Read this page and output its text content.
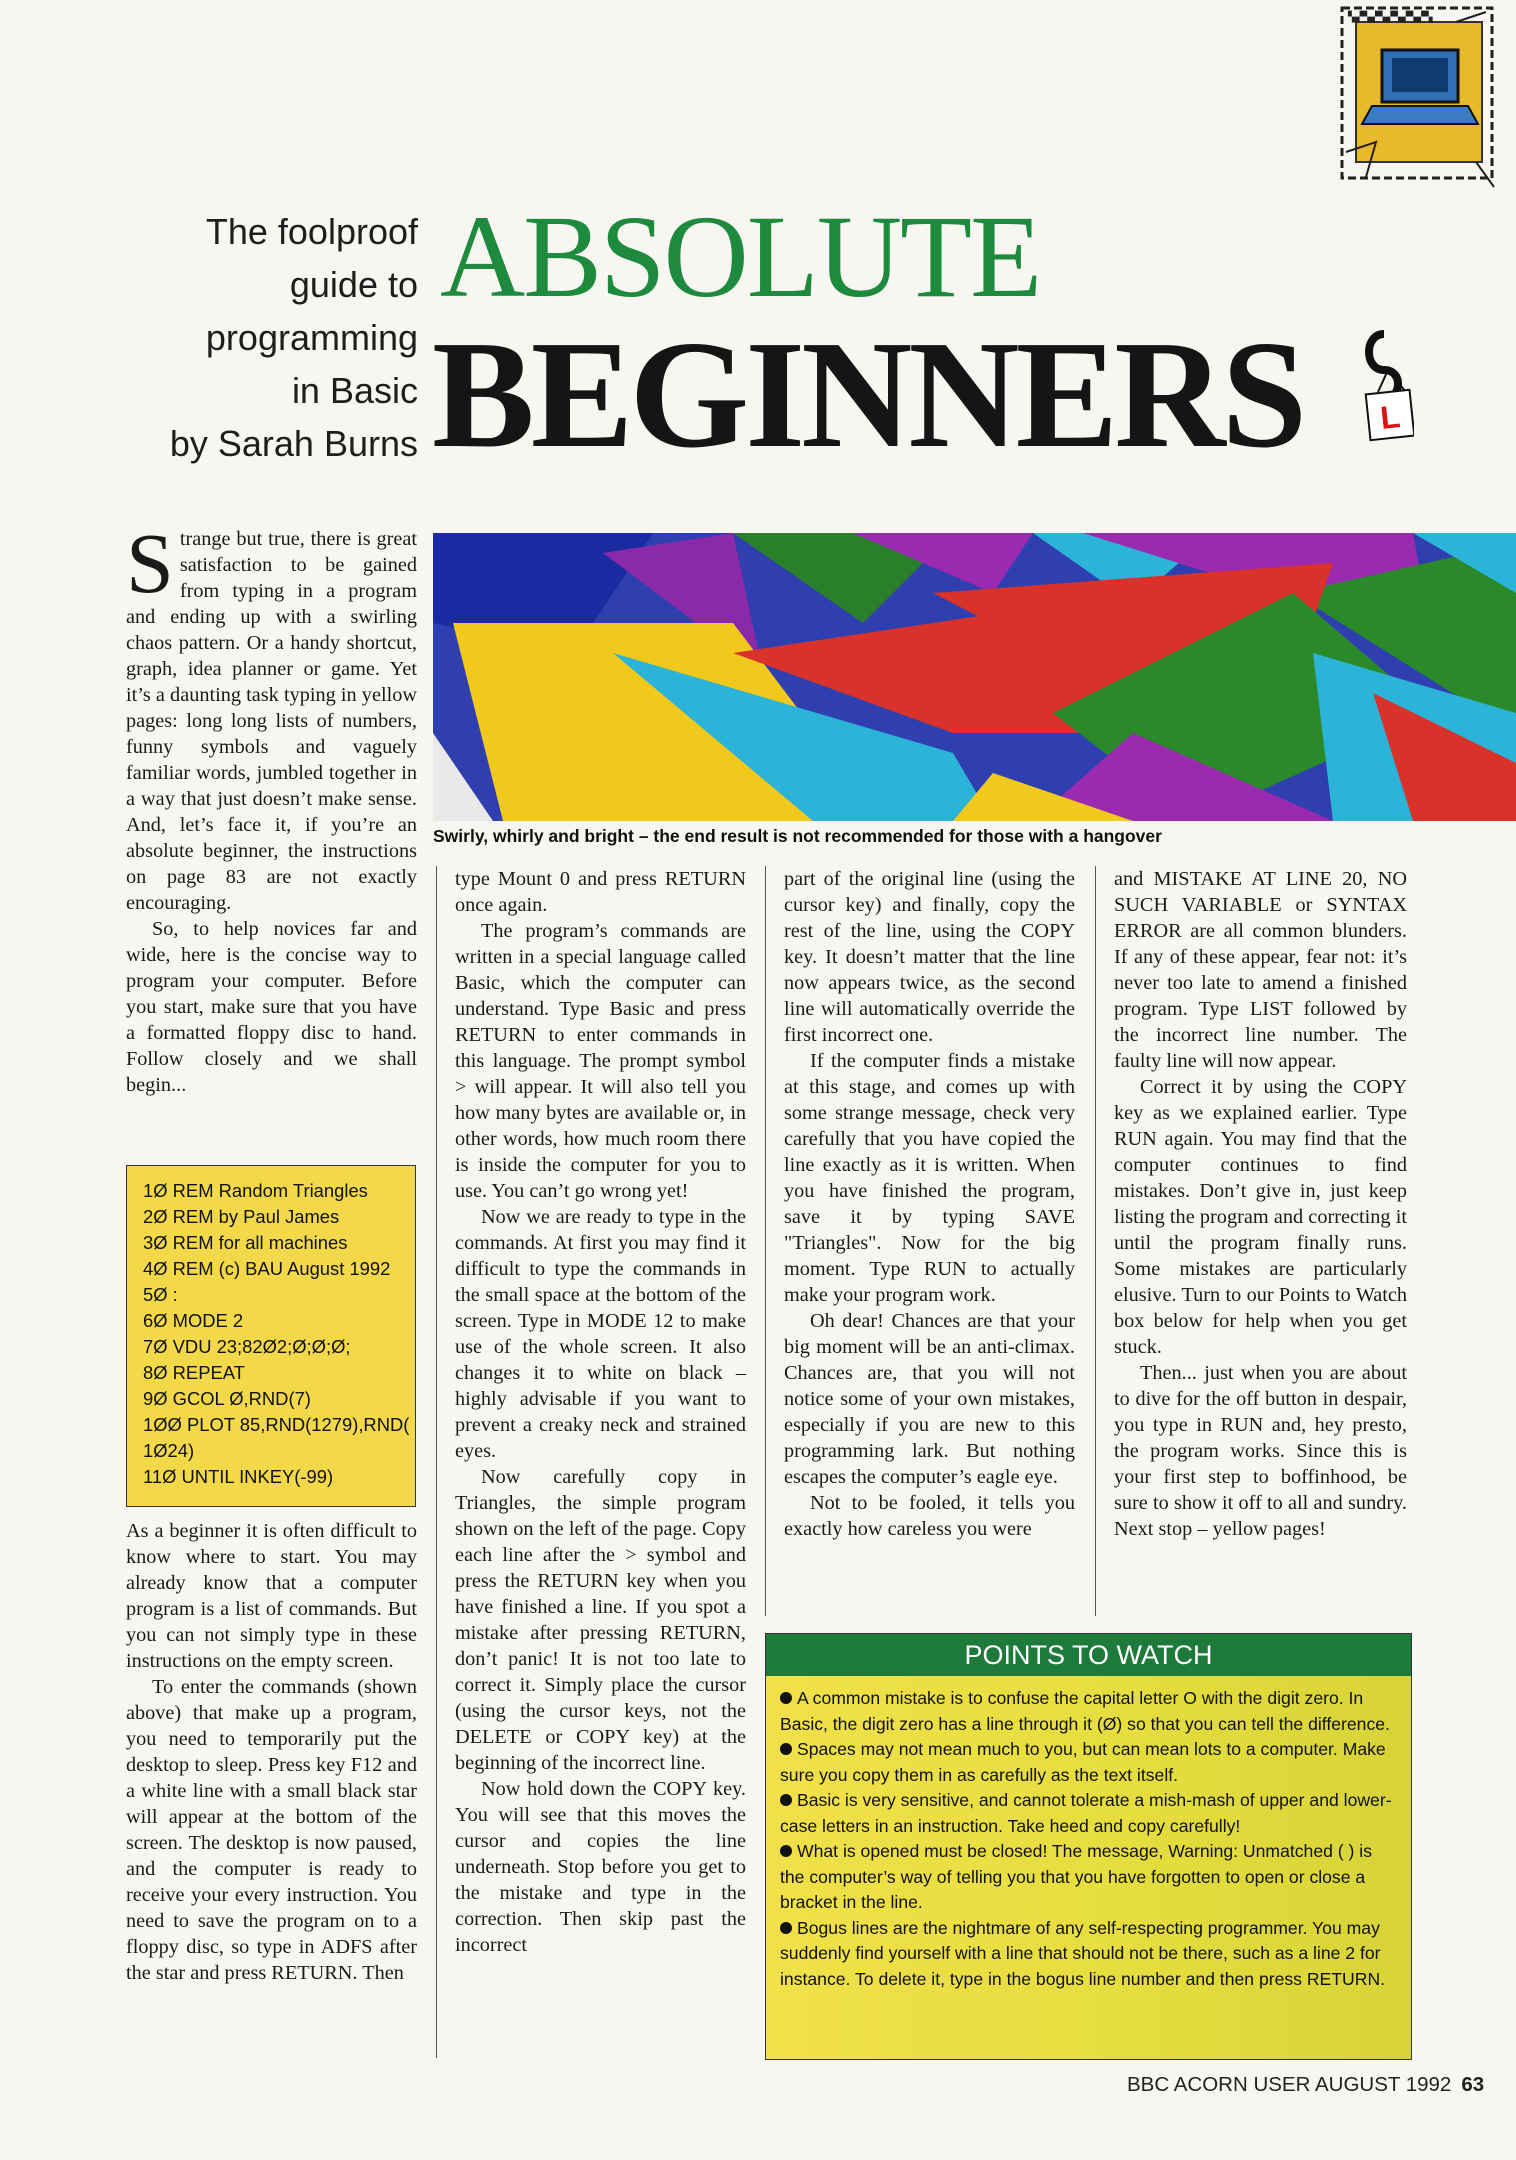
▚▞▚▞▚▞▚▞▚▞▚
The foolproof
guide to
programming
in Basic
by Sarah Burns
ABSOLUTE
BEGINNERS L
Swirly, whirly and bright – the end result is not recommended for those with a hangover

Strange but true, there is great satisfaction to be gained from typing in a program and ending up with a swirling chaos pattern. Or a handy shortcut, graph, idea planner or game. Yet it’s a daunting task typing in yellow pages: long long lists of numbers, funny symbols and vaguely familiar words, jumbled together in a way that just doesn’t make sense. And, let’s face it, if you’re an absolute beginner, the instructions on page 83 are not exactly encouraging.

So, to help novices far and wide, here is the concise way to program your computer. Before you start, make sure that you have a formatted floppy disc to hand. Follow closely and we shall begin...

1Ø REM Random Triangles
2Ø REM by Paul James
3Ø REM for all machines
4Ø REM (c) BAU August 1992
5Ø :
6Ø MODE 2
7Ø VDU 23;82Ø2;Ø;Ø;Ø;
8Ø REPEAT
9Ø GCOL Ø,RND(7)
1ØØ PLOT 85,RND(1279),RND(
1Ø24)
11Ø UNTIL INKEY(-99)

As a beginner it is often difficult to know where to start. You may already know that a computer program is a list of commands. But you can not simply type in these instructions on the empty screen.

To enter the commands (shown above) that make up a program, you need to temporarily put the desktop to sleep. Press key F12 and a white line with a small black star will appear at the bottom of the screen. The desktop is now paused, and the computer is ready to receive your every instruction. You need to save the program on to a floppy disc, so type in ADFS after the star and press RETURN. Then

type Mount 0 and press RETURN once again.

The program’s commands are written in a special language called Basic, which the computer can understand. Type Basic and press RETURN to enter commands in this language. The prompt symbol > will appear. It will also tell you how many bytes are available or, in other words, how much room there is inside the computer for you to use. You can’t go wrong yet!

Now we are ready to type in the commands. At first you may find it difficult to type the commands in the small space at the bottom of the screen. Type in MODE 12 to make use of the whole screen. It also changes it to white on black – highly advisable if you want to prevent a creaky neck and strained eyes.

Now carefully copy in Triangles, the simple program shown on the left of the page. Copy each line after the > symbol and press the RETURN key when you have finished a line. If you spot a mistake after pressing RETURN, don’t panic! It is not too late to correct it. Simply place the cursor (using the cursor keys, not the DELETE or COPY key) at the beginning of the incorrect line.

Now hold down the COPY key. You will see that this moves the cursor and copies the line underneath. Stop before you get to the mistake and type in the correction. Then skip past the incorrect

part of the original line (using the cursor key) and finally, copy the rest of the line, using the COPY key. It doesn’t matter that the line now appears twice, as the second line will automatically override the first incorrect one.

If the computer finds a mistake at this stage, and comes up with some strange message, check very carefully that you have copied the line exactly as it is written. When you have finished the program, save it by typing SAVE "Triangles". Now for the big moment. Type RUN to actually make your program work.

Oh dear! Chances are that your big moment will be an anti-climax. Chances are, that you will not notice some of your own mistakes, especially if you are new to this programming lark. But nothing escapes the computer’s eagle eye.

Not to be fooled, it tells you exactly how careless you were

and MISTAKE AT LINE 20, NO SUCH VARIABLE or SYNTAX ERROR are all common blunders. If any of these appear, fear not: it’s never too late to amend a finished program. Type LIST followed by the incorrect line number. The faulty line will now appear.

Correct it by using the COPY key as we explained earlier. Type RUN again. You may find that the computer continues to find mistakes. Don’t give in, just keep listing the program and correcting it until the program finally runs. Some mistakes are particularly elusive. Turn to our Points to Watch box below for help when you get stuck.

Then... just when you are about to dive for the off button in despair, you type in RUN and, hey presto, the program works. Since this is your first step to boffinhood, be sure to show it off to all and sundry. Next stop – yellow pages!

POINTS TO WATCH
A common mistake is to confuse the capital letter O with the digit zero. In Basic, the digit zero has a line through it (Ø) so that you can tell the difference.
Spaces may not mean much to you, but can mean lots to a computer. Make sure you copy them in as carefully as the text itself.
Basic is very sensitive, and cannot tolerate a mish-mash of upper and lower-case letters in an instruction. Take heed and copy carefully!
What is opened must be closed! The message, Warning: Unmatched ( ) is the computer’s way of telling you that you have forgotten to open or close a bracket in the line.
Bogus lines are the nightmare of any self-respecting programmer. You may suddenly find yourself with a line that should not be there, such as a line 2 for instance. To delete it, type in the bogus line number and then press RETURN.
BBC ACORN USER AUGUST 1992 63
